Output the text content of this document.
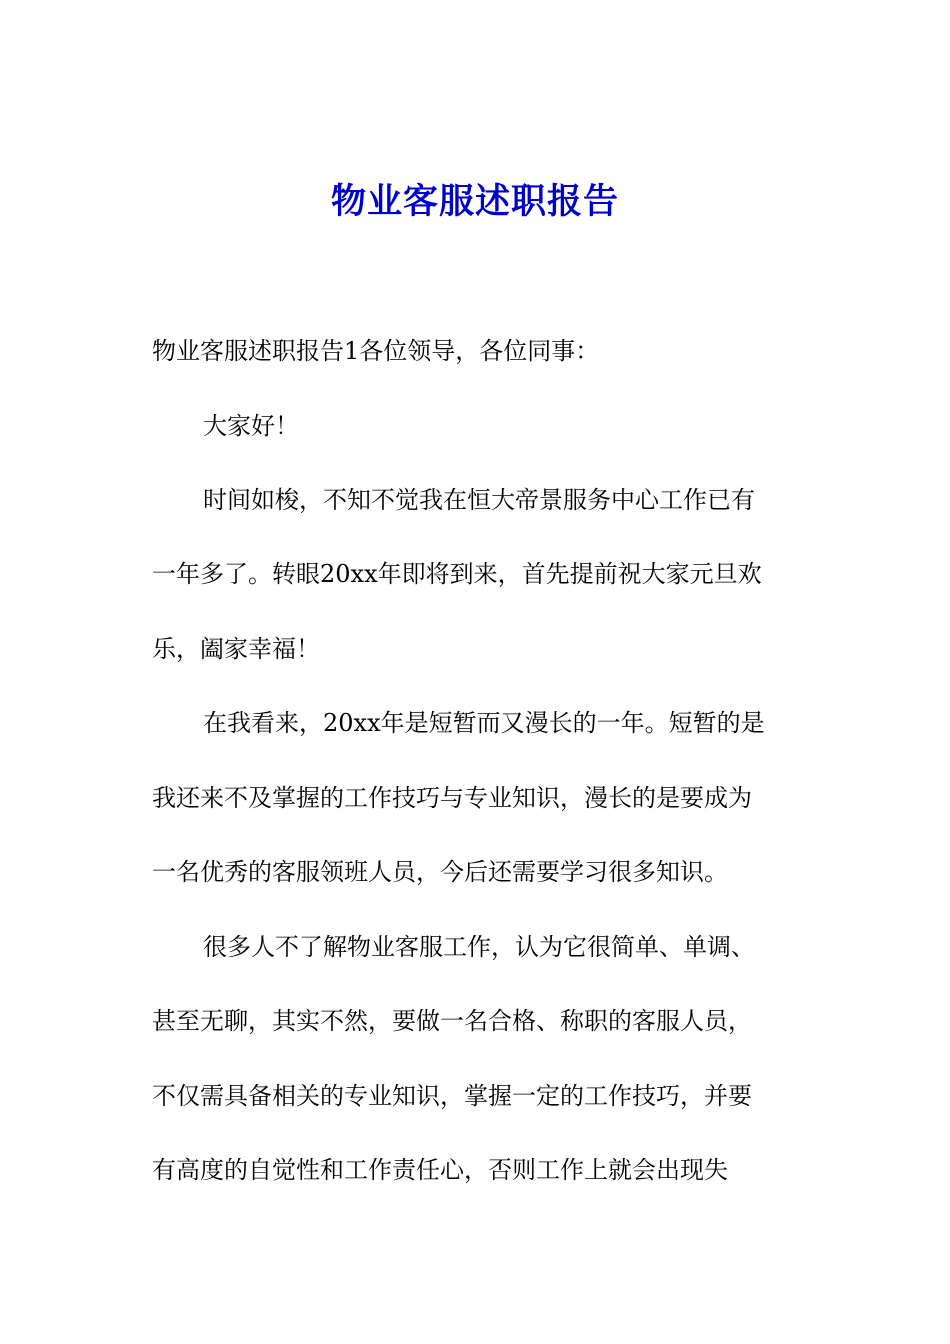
物业客服述职报告
物业客服述职报告1各位领导，各位同事：
大家好！
时间如梭，不知不觉我在恒大帝景服务中心工作已有
一年多了。转眼20xx年即将到来，首先提前祝大家元旦欢
乐，阖家幸福！
在我看来，20xx年是短暂而又漫长的一年。短暂的是
我还来不及掌握的工作技巧与专业知识，漫长的是要成为
一名优秀的客服领班人员，今后还需要学习很多知识。
很多人不了解物业客服工作，认为它很简单、单调、
甚至无聊，其实不然，要做一名合格、称职的客服人员，
不仅需具备相关的专业知识，掌握一定的工作技巧，并要
有高度的自觉性和工作责任心，否则工作上就会出现失
